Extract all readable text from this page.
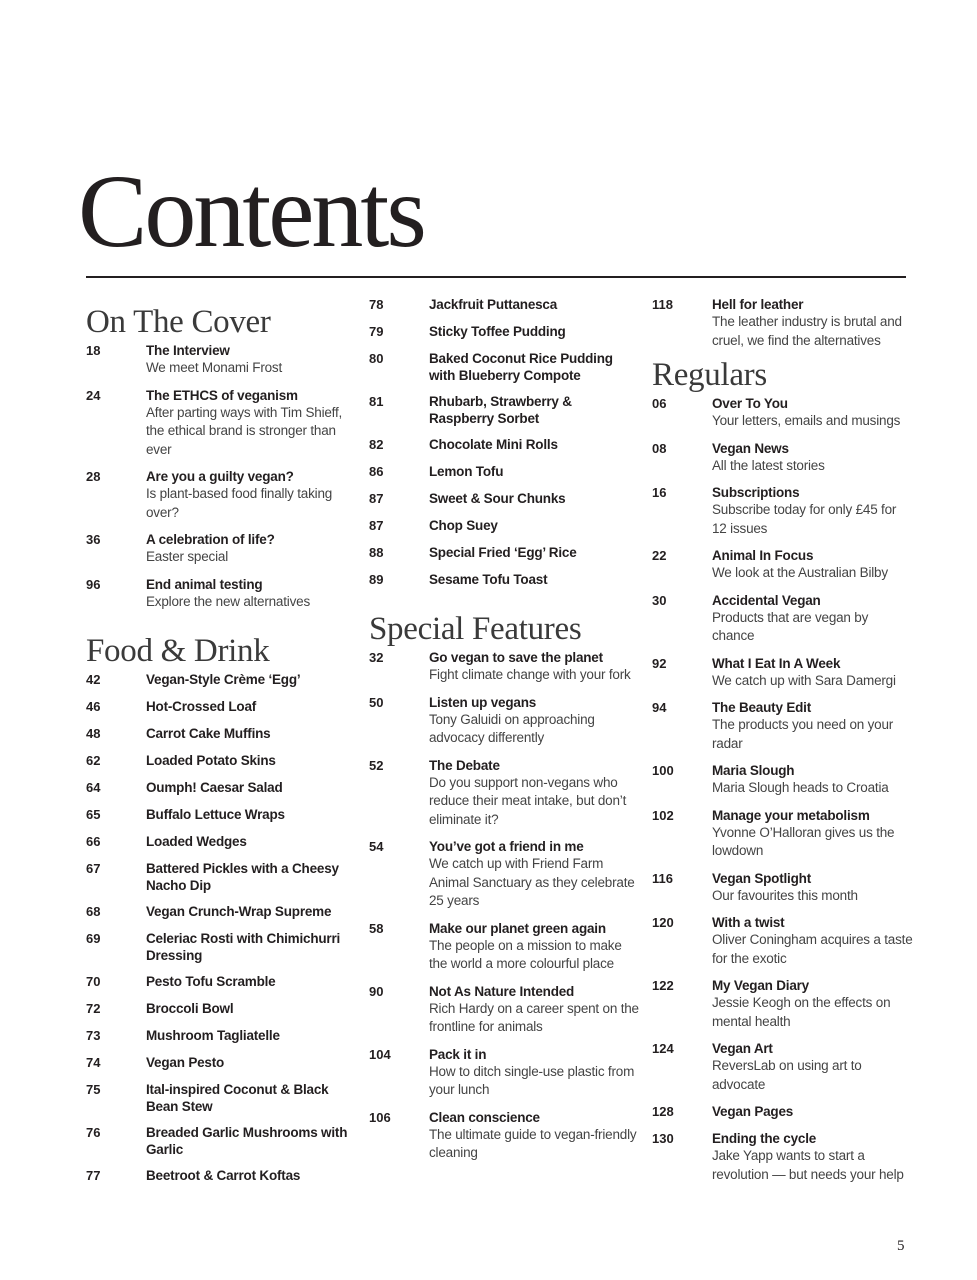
Contents
On The Cover
18	The Interview
We meet Monami Frost
24	The ETHCS of veganism
After parting ways with Tim Shieff, the ethical brand is stronger than ever
28	Are you a guilty vegan?
Is plant-based food finally taking over?
36	A celebration of life?
Easter special
96	End animal testing
Explore the new alternatives
Food & Drink
42	Vegan-Style Crème ‘Egg’
46	Hot-Crossed Loaf
48	Carrot Cake Muffins
62	Loaded Potato Skins
64	Oumph! Caesar Salad
65	Buffalo Lettuce Wraps
66	Loaded Wedges
67	Battered Pickles with a Cheesy Nacho Dip
68	Vegan Crunch-Wrap Supreme
69	Celeriac Rosti with Chimichurri Dressing
70	Pesto Tofu Scramble
72	Broccoli Bowl
73	Mushroom Tagliatelle
74	Vegan Pesto
75	Ital-inspired Coconut & Black Bean Stew
76	Breaded Garlic Mushrooms with Garlic
77	Beetroot & Carrot Koftas
78	Jackfruit Puttanesca
79	Sticky Toffee Pudding
80	Baked Coconut Rice Pudding with Blueberry Compote
81	Rhubarb, Strawberry & Raspberry Sorbet
82	Chocolate Mini Rolls
86	Lemon Tofu
87	Sweet & Sour Chunks
87	Chop Suey
88	Special Fried ‘Egg’ Rice
89	Sesame Tofu Toast
Special Features
32	Go vegan to save the planet
Fight climate change with your fork
50	Listen up vegans
Tony Galuidi on approaching advocacy differently
52	The Debate
Do you support non-vegans who reduce their meat intake, but don’t eliminate it?
54	You’ve got a friend in me
We catch up with Friend Farm Animal Sanctuary as they celebrate 25 years
58	Make our planet green again
The people on a mission to make the world a more colourful place
90	Not As Nature Intended
Rich Hardy on a career spent on the frontline for animals
104	Pack it in
How to ditch single-use plastic from your lunch
106	Clean conscience
The ultimate guide to vegan-friendly cleaning
118	Hell for leather
The leather industry is brutal and cruel, we find the alternatives
Regulars
06	Over To You
Your letters, emails and musings
08	Vegan News
All the latest stories
16	Subscriptions
Subscribe today for only £45 for 12 issues
22	Animal In Focus
We look at the Australian Bilby
30	Accidental Vegan
Products that are vegan by chance
92	What I Eat In A Week
We catch up with Sara Damergi
94	The Beauty Edit
The products you need on your radar
100	Maria Slough
Maria Slough heads to Croatia
102	Manage your metabolism
Yvonne O’Halloran gives us the lowdown
116	Vegan Spotlight
Our favourites this month
120	With a twist
Oliver Coningham acquires a taste for the exotic
122	My Vegan Diary
Jessie Keogh on the effects on mental health
124	Vegan Art
ReversLab on using art to advocate
128	Vegan Pages
130	Ending the cycle
Jake Yapp wants to start a revolution — but needs your help
5
